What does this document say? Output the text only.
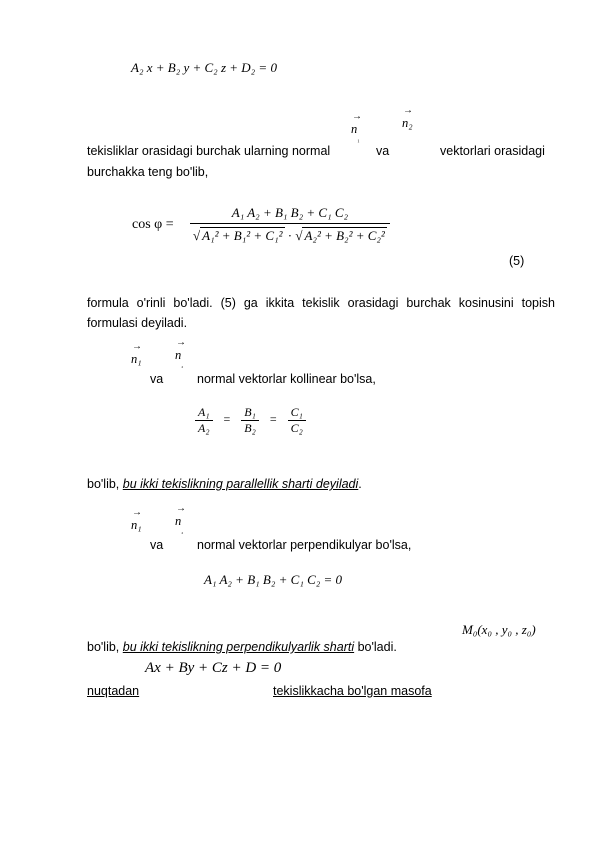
A₂ x + B₂ y + C₂ z + D₂ = 0
→
$n_{_1}$
→
n₂
tekisliklar orasidagi burchak ularning normal	va	vektorlari orasidagi
burchakka teng bo'lib,
$\cos \varphi = \frac{\text{A₁ A₂ + B₁ B₂ + C₁ C₂}}{\text{√ A₁² + B₁² + C₁² · √ A₂² + B₂² + C₂²}}$
(5)
formula o'rinli bo'ladi. (5) ga ikkita tekislik orasidagi burchak kosinusini topish
formulasi deyiladi.
→
n₁
→
$n_{_2}$
va	normal vektorlar kollinear bo'lsa,
$\frac{\text{A₁}}{\text{A₂}} = \frac{\text{B₁}}{\text{B₂}} = \frac{\text{C₁}}{\text{C₂}}$
bo'lib, bu ikki tekislikning parallellik sharti deyiladi.
→
n₁
→
$n_{_2}$
va	normal vektorlar perpendikulyar bo'lsa,
A₁ A₂ + B₁ B₂ + C₁ C₂ = 0
M₀(x₀ , y₀ , z₀)
bo'lib, bu ikki tekislikning perpendikulyarlik sharti bo'ladi.
Ax + By + Cz + D = 0
nuqtadan	tekislikkacha bo'lgan masofa
